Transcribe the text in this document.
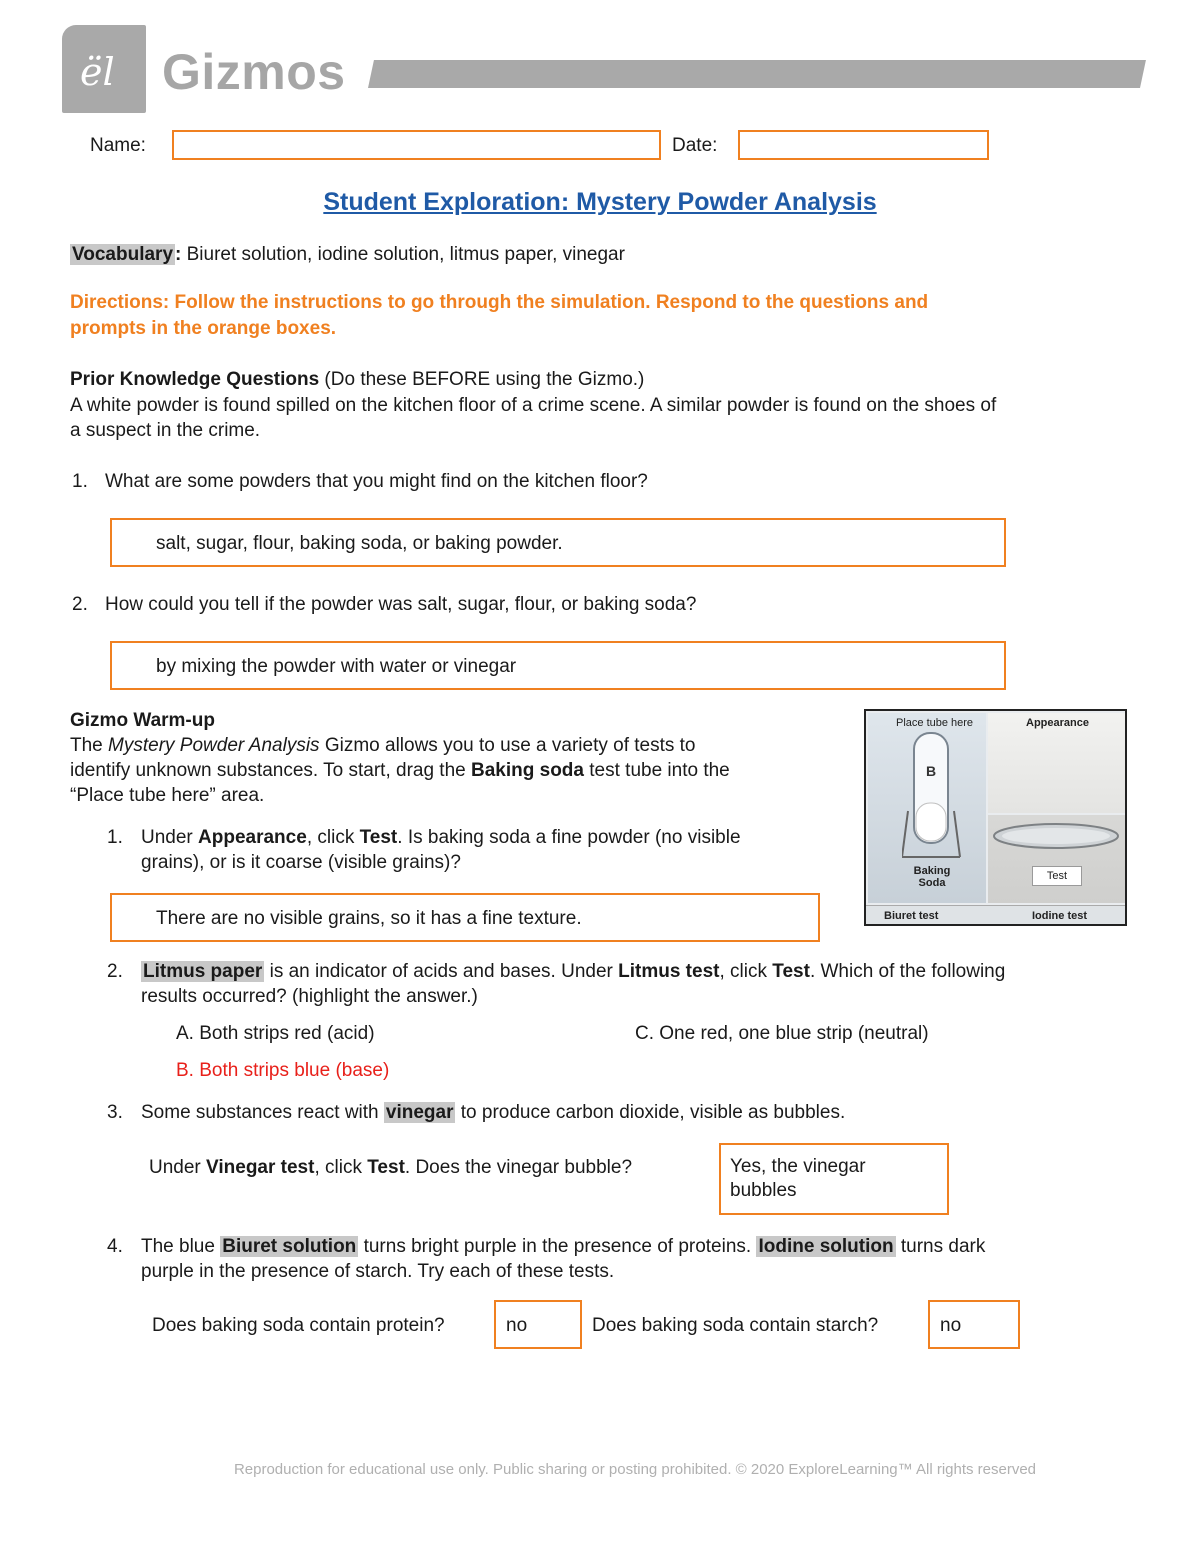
ël Gizmos
Name:	Date:
Student Exploration: Mystery Powder Analysis

Vocabulary : Biuret solution, iodine solution, litmus paper, vinegar

Directions: Follow the instructions to go through the simulation. Respond to the questions and
prompts in the orange boxes.

Prior Knowledge Questions (Do these BEFORE using the Gizmo.)

A white powder is found spilled on the kitchen floor of a crime scene. A similar powder is found on the shoes of
a suspect in the crime.

1. What are some powders that you might find on the kitchen floor?

salt, sugar, flour, baking soda, or baking powder.

2. How could you tell if the powder was salt, sugar, flour, or baking soda?

by mixing the powder with water or vinegar

Gizmo Warm-up

The Mystery Powder Analysis Gizmo allows you to use a variety of tests to
identify unknown substances. To start, drag the Baking soda test tube into the
“Place tube here” area.

1. Under Appearance, click Test. Is baking soda a fine powder (no visible
grains), or is it coarse (visible grains)?

There are no visible grains, so it has a fine texture.
Place tube here	Appearance
B
Baking
Soda
Test
Biuret test	Iodine test

2. Litmus paper is an indicator of acids and bases. Under Litmus test, click Test. Which of the following
results occurred? (highlight the answer.)

A. Both strips red (acid)	C. One red, one blue strip (neutral)

B. Both strips blue (base)

3. Some substances react with vinegar to produce carbon dioxide, visible as bubbles.

Under Vinegar test, click Test. Does the vinegar bubble?	Yes, the vinegar
bubbles

4. The blue Biuret solution turns bright purple in the presence of proteins. Iodine solution turns dark
purple in the presence of starch. Try each of these tests.

Does baking soda contain protein?	no	Does baking soda contain starch?	no
Reproduction for educational use only. Public sharing or posting prohibited. © 2020 ExploreLearning™ All rights reserved
